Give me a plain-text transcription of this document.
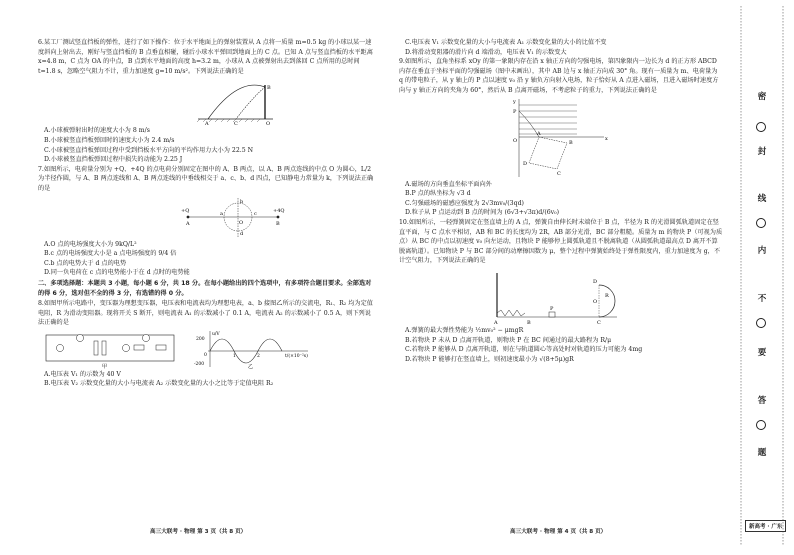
6.某工厂测试竖直挡板的弹性，进行了如下操作：位于水平地面上的弹射装置从 A 点将一质量 m=0.5 kg 的小球以某一速度斜向上射出去，刚好与竖直挡板的 B 点垂直相碰，碰后小球水平弹回到地面上的 C 点。已知 A 点与竖直挡板的水平距离 x=4.8 m，C 点为 OA 的中点，B 点到水平地面的高度 h=3.2 m，小球从 A 点被弹射出去到落回 C 点所用的总时间 t=1.8 s，忽略空气阻力不计，重力加速度 g=10 m/s²。下列说法正确的是

B
C
A	O

A.小球被弹射出时的速度大小为 8 m/s

B.小球被竖直挡板弹回时的速度大小为 2.4 m/s

C.小球被竖直挡板弹回过程中受到挡板水平方向的平均作用力大小为 22.5 N

D.小球被竖直挡板弹回过程中损失的动能为 2.25 J

7.如图所示，电荷量分别为 +Q、+4Q 的点电荷分别固定在图中的 A、B 两点，以 A、B 两点连线的中点 O 为圆心，L/2 为半径作圆，与 A、B 两点连线和 A、B 两点连线的中垂线相交于 a、c、b、d 四点，已知静电力常量为 k，下列说法正确的是

+Q	+4Q
A	B
O
a	c
b
d

A.O 点的电场强度大小为 9kQ/L²

B.c 点的电场强度大小是 a 点电场强度的 9/4 倍

C.b 点的电势大于 d 点的电势

D.同一负电荷在 c 点的电势能小于在 d 点时的电势能

二、多项选择题：本题共 3 小题，每小题 6 分，共 18 分。在每小题给出的四个选项中，有多项符合题目要求。全部选对的得 6 分，选对但不全的得 3 分，有选错的得 0 分。

8.如图甲所示电路中，变压器为理想变压器，电压表和电流表均为理想电表，a、b 接图乙所示的交流电，R₁、R₂ 均为定值电阻，R 为滑动变阻器。现将开关 S 断开，则电流表 A₁ 的示数减小了 0.1 A，电流表 A₂ 的示数减小了 0.5 A，则下列说法正确的是

甲
u/V
200
-200
0	1	2	t/(×10⁻²s)
乙

A.电压表 V₁ 的示数为 40 V

B.电压表 V₂ 示数变化量的大小与电流表 A₂ 示数变化量的大小之比等于定值电阻 R₂

C.电压表 V₁ 示数变化量的大小与电流表 A₁ 示数变化量的大小的比值不变

D.将滑动变阻器的滑片向 d 端滑动，电压表 V₁ 的示数变大

9.如图所示，直角坐标系 xOy 的第一象限内存在沿 x 轴正方向的匀强电场，第四象限内一边长为 d 的正方形 ABCD 内存在垂直于坐标平面的匀强磁场（图中未画出），其中 AB 边与 x 轴正方向成 30° 角。现有一质量为 m、电荷量为 q 的带电粒子，从 y 轴上的 P 点以速度 v₀ 沿 y 轴负方向射入电场，粒子恰好从 A 点进入磁场，且进入磁场时速度方向与 y 轴正方向的夹角为 60°，然后从 B 点离开磁场，不考虑粒子的重力，下列说法正确的是

y
x
O
P
A
B
C
D

A.磁场的方向垂直坐标平面向外

B.P 点的纵坐标为 √3 d

C.匀强磁场的磁感应强度为 2√3mv₀/(3qd)

D.粒子从 P 点运动到 B 点的时间为 (6√3+√3π)d/(6v₀)

10.如图所示，一轻弹簧固定在竖直墙上的 A 点，弹簧自由伸长时末端位于 B 点，半径为 R 的光滑圆弧轨道固定在竖直平面，与 C 点水平相切，AB 和 BC 的长度均为 2R，AB 部分光滑，BC 部分粗糙。质量为 m 的物块 P（可视为质点）从 BC 的中点以初速度 v₀ 向左运动，且物块 P 能够停上圆弧轨道且不脱离轨道（从圆弧轨道最高点 D 离开不算脱离轨道）。已知物块 P 与 BC 部分间的动摩擦因数为 μ，整个过程中弹簧始终处于弹性限度内，重力加速度为 g，不计空气阻力，下列说法正确的是

D
O
R
A	B	C
P

A.弹簧的最大弹性势能为 ½mv₀² − μmgR

B.若物块 P 未从 D 点离开轨道，则物块 P 在 BC 间通过的最大路程为 R/μ

C.若物块 P 能够从 D 点离开轨道，则在与轨道圆心等高处时对轨道的压力可能为 4mg

D.若物块 P 能够打在竖直墙上，则初速度最小为 √(8+5μ)gR

高三大联考 · 物理 第 3 页（共 8 页）	高三大联考 · 物理 第 4 页（共 8 页）
密
封
线
内
不
要
答
题
新高考 · 广东
